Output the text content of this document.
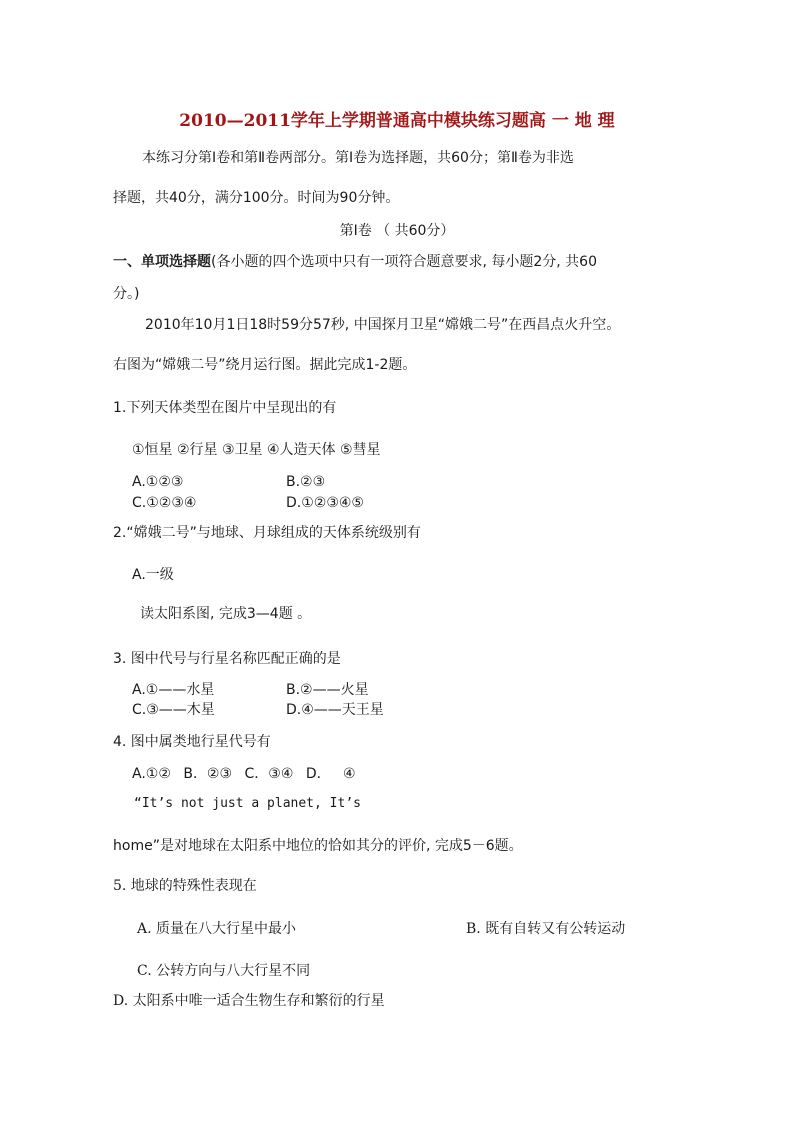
2010—2011学年上学期普通高中模块练习题高 一 地 理
本练习分第Ⅰ卷和第Ⅱ卷两部分。第Ⅰ卷为选择题，共60分；第Ⅱ卷为非选
择题，共40分，满分100分。时间为90分钟。
第Ⅰ卷 （ 共60分）
一、单项选择题(各小题的四个选项中只有一项符合题意要求, 每小题2分, 共60
分。)
2010年10月1日18时59分57秒, 中国探月卫星“嫦娥二号”在西昌点火升空。
右图为“嫦娥二号”绕月运行图。据此完成1-2题。
1.下列天体类型在图片中呈现出的有
①恒星 ②行星 ③卫星 ④人造天体 ⑤彗星
A.①②③	B.②③
C.①②③④	D.①②③④⑤
2.“嫦娥二号”与地球、月球组成的天体系统级别有
A.一级
读太阳系图, 完成3—4题 。
3. 图中代号与行星名称匹配正确的是
A.①——水星	B.②——火星
C.③——木星	D.④——天王星
4. 图中属类地行星代号有
A.①② B．②③ C．③④ D． ④
“It’s not just a planet, It’s
home”是对地球在太阳系中地位的恰如其分的评价, 完成5－6题。
5. 地球的特殊性表现在
A. 质量在八大行星中最小	B. 既有自转又有公转运动
C. 公转方向与八大行星不同
D. 太阳系中唯一适合生物生存和繁衍的行星
